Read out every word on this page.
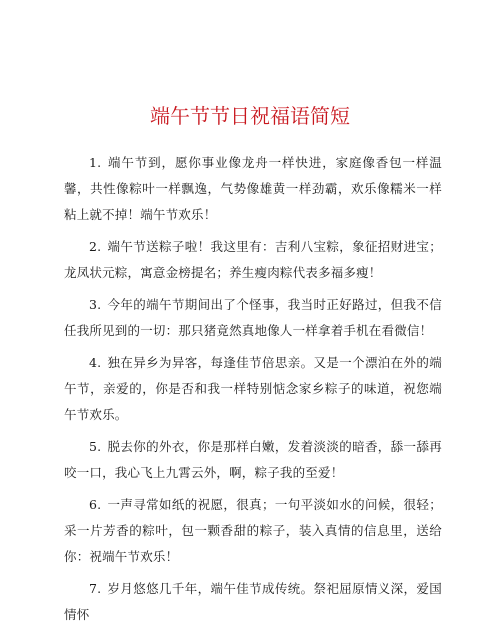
端午节节日祝福语简短

1. 端午节到，愿你事业像龙舟一样快进，家庭像香包一样温馨，共性像粽叶一样飘逸，气势像雄黄一样劲霸，欢乐像糯米一样粘上就不掉！端午节欢乐！

2. 端午节送粽子啦！我这里有：吉利八宝粽，象征招财进宝；龙凤状元粽，寓意金榜提名；养生瘦肉粽代表多福多瘦！

3. 今年的端午节期间出了个怪事，我当时正好路过，但我不信任我所见到的一切：那只猪竟然真地像人一样拿着手机在看微信！

4. 独在异乡为异客，每逢佳节倍思亲。又是一个漂泊在外的端午节，亲爱的，你是否和我一样特别惦念家乡粽子的味道，祝您端午节欢乐。

5. 脱去你的外衣，你是那样白嫩，发着淡淡的暗香，舔一舔再咬一口，我心飞上九霄云外，啊，粽子我的至爱！

6. 一声寻常如纸的祝愿，很真；一句平淡如水的问候，很轻；采一片芳香的粽叶，包一颗香甜的粽子，装入真情的信息里，送给你：祝端午节欢乐！

7. 岁月悠悠几千年，端午佳节成传统。祭祀屈原情义深，爱国情怀
